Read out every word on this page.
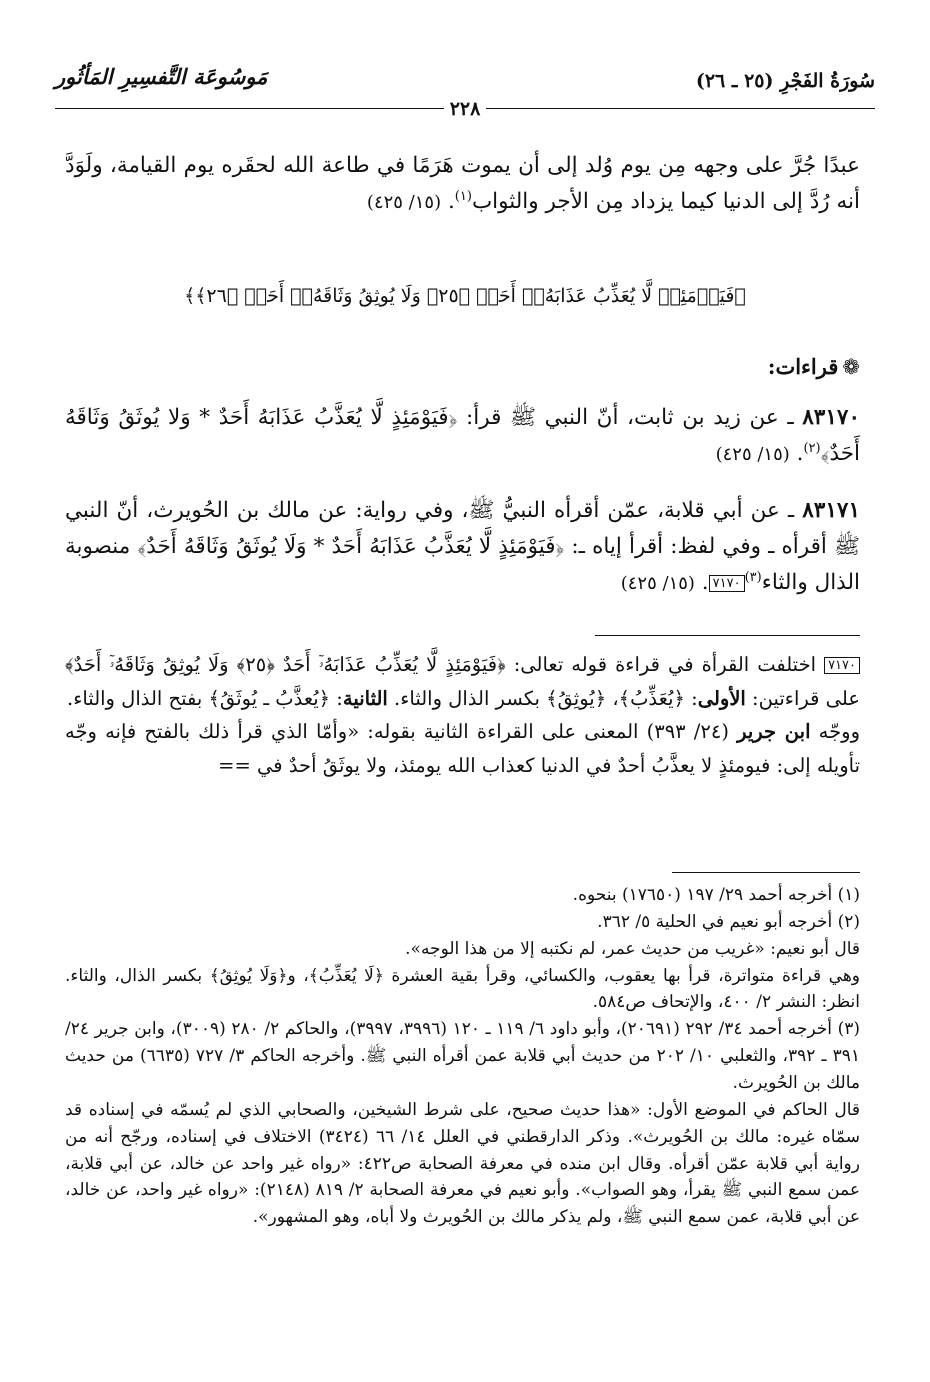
سُورَةُ الفَجْرِ (٢٥ ـ ٢٦)
مَوسُوعَة التَّفسِيرِ المَأثُور
٢٢٨
عبدًا جُرَّ على وجهه مِن يوم وُلد إلى أن يموت هَرَمًا في طاعة الله لحقَره يوم القيامة، ولَوَدَّ أنه رُدَّ إلى الدنيا كيما يزداد مِن الأجر والثواب$^{(١)}$. (١٥/ ٤٢٥)
﴿فَيَوۡمَئِذٖ لَّا يُعَذِّبُ عَذَابَهُۥٓ أَحَدٞ ﴿٢٥﴾ وَلَا يُوثِقُ وَثَاقَهُۥٓ أَحَدٞ ﴿٢٦﴾﴾
❁قراءات:
٨٣١٧٠ ـ عن زيد بن ثابت، أنّ النبي ﷺ قرأ: ﴿فَيَوْمَئِذٍ لَّا يُعَذَّبُ عَذَابَهُ أَحَدٌ * وَلا يُوثَقُ وَثَاقَهُ أَحَدٌ﴾$^{(٢)}$. (١٥/ ٤٢٥)
٨٣١٧١ ـ عن أبي قلابة، عمّن أقرأه النبيُّ ﷺ، وفي رواية: عن مالك بن الحُويرث، أنّ النبي ﷺ أقرأه ـ وفي لفظ: أقرأ إياه ـ: ﴿فَيَوْمَئِذٍ لَّا يُعَذَّبُ عَذَابَهُ أَحَدٌ * وَلَا يُوثَقُ وَثَاقَهُ أَحَدٌ﴾ منصوبة الذال والثاء$^{(٣)}$٧١٧٠. (١٥/ ٤٢٥)

٧١٧٠ اختلفت القرأة في قراءة قوله تعالى: ﴿فَيَوْمَئِذٍ لَّا يُعَذِّبُ عَذَابَهُۥٓ أَحَدٌ ﴿٢٥﴾ وَلَا يُوثِقُ وَثَاقَهُۥٓ أَحَدٌ﴾ على قراءتين: الأولى: ﴿يُعَذِّبُ﴾، ﴿يُوثِقُ﴾ بكسر الذال والثاء. الثانية: ﴿يُعذَّبُ ـ يُوثَقُ﴾ بفتح الذال والثاء.

ووجّه ابن جرير (٢٤/ ٣٩٣) المعنى على القراءة الثانية بقوله: «وأمّا الذي قرأ ذلك بالفتح فإنه وجّه تأويله إلى: فيومئذٍ لا يعذَّبُ أحدٌ في الدنيا كعذاب الله يومئذ، ولا يوثَقُ أحدٌ في ==

(١) أخرجه أحمد ٢٩/ ١٩٧ (١٧٦٥٠) بنحوه.

(٢) أخرجه أبو نعيم في الحلية ٥/ ٣٦٢.

قال أبو نعيم: «غريب من حديث عمر، لم نكتبه إلا من هذا الوجه».

وهي قراءة متواترة، قرأ بها يعقوب، والكسائي، وقرأ بقية العشرة ﴿لَا يُعَذِّبُ﴾، و﴿وَلَا يُوثِقُ﴾ بكسر الذال، والثاء. انظر: النشر ٢/ ٤٠٠، والإتحاف ص٥٨٤.

(٣) أخرجه أحمد ٣٤/ ٢٩٢ (٢٠٦٩١)، وأبو داود ٦/ ١١٩ ـ ١٢٠ (٣٩٩٦، ٣٩٩٧)، والحاكم ٢/ ٢٨٠ (٣٠٠٩)، وابن جرير ٢٤/ ٣٩١ ـ ٣٩٢، والثعلبي ١٠/ ٢٠٢ من حديث أبي قلابة عمن أقرأه النبي ﷺ. وأخرجه الحاكم ٣/ ٧٢٧ (٦٦٣٥) من حديث مالك بن الحُويرث.

قال الحاكم في الموضع الأول: «هذا حديث صحيح، على شرط الشيخين، والصحابي الذي لم يُسمّه في إسناده قد سمّاه غيره: مالك بن الحُويرث». وذكر الدارقطني في العلل ١٤/ ٦٦ (٣٤٢٤) الاختلاف في إسناده، ورجّح أنه من رواية أبي قلابة عمّن أقرأه. وقال ابن منده في معرفة الصحابة ص٤٢٢: «رواه غير واحد عن خالد، عن أبي قلابة، عمن سمع النبي ﷺ يقرأ، وهو الصواب». وأبو نعيم في معرفة الصحابة ٢/ ٨١٩ (٢١٤٨): «رواه غير واحد، عن خالد، عن أبي قلابة، عمن سمع النبي ﷺ، ولم يذكر مالك بن الحُويرث ولا أباه، وهو المشهور».
